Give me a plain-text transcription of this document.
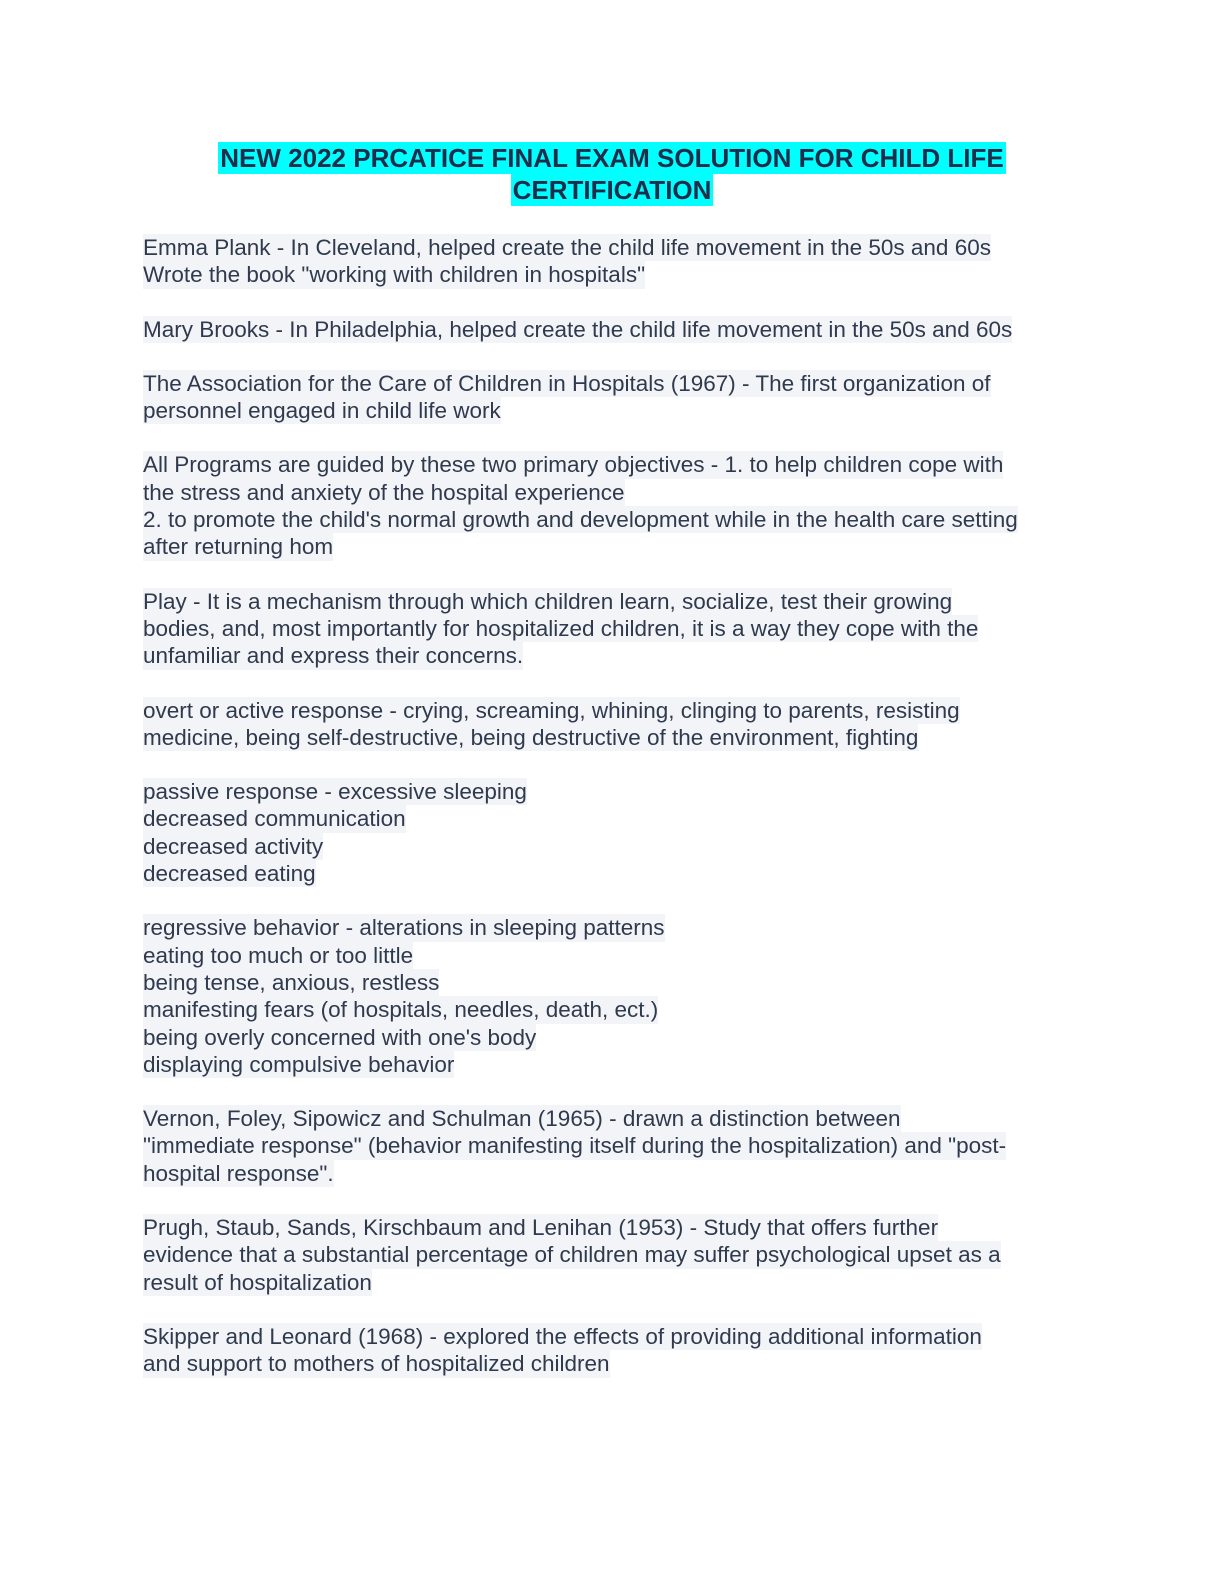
NEW 2022 PRCATICE FINAL EXAM SOLUTION FOR CHILD LIFE
CERTIFICATION
Emma Plank - In Cleveland, helped create the child life movement in the 50s and 60s
Wrote the book "working with children in hospitals"
Mary Brooks - In Philadelphia, helped create the child life movement in the 50s and 60s
The Association for the Care of Children in Hospitals (1967) - The first organization of
personnel engaged in child life work
All Programs are guided by these two primary objectives - 1. to help children cope with
the stress and anxiety of the hospital experience
2. to promote the child's normal growth and development while in the health care setting
after returning hom
Play - It is a mechanism through which children learn, socialize, test their growing
bodies, and, most importantly for hospitalized children, it is a way they cope with the
unfamiliar and express their concerns.
overt or active response - crying, screaming, whining, clinging to parents, resisting
medicine, being self-destructive, being destructive of the environment, fighting
passive response - excessive sleeping
decreased communication
decreased activity
decreased eating
regressive behavior - alterations in sleeping patterns
eating too much or too little
being tense, anxious, restless
manifesting fears (of hospitals, needles, death, ect.)
being overly concerned with one's body
displaying compulsive behavior
Vernon, Foley, Sipowicz and Schulman (1965) - drawn a distinction between
"immediate response" (behavior manifesting itself during the hospitalization) and "post-
hospital response".
Prugh, Staub, Sands, Kirschbaum and Lenihan (1953) - Study that offers further
evidence that a substantial percentage of children may suffer psychological upset as a
result of hospitalization
Skipper and Leonard (1968) - explored the effects of providing additional information
and support to mothers of hospitalized children
